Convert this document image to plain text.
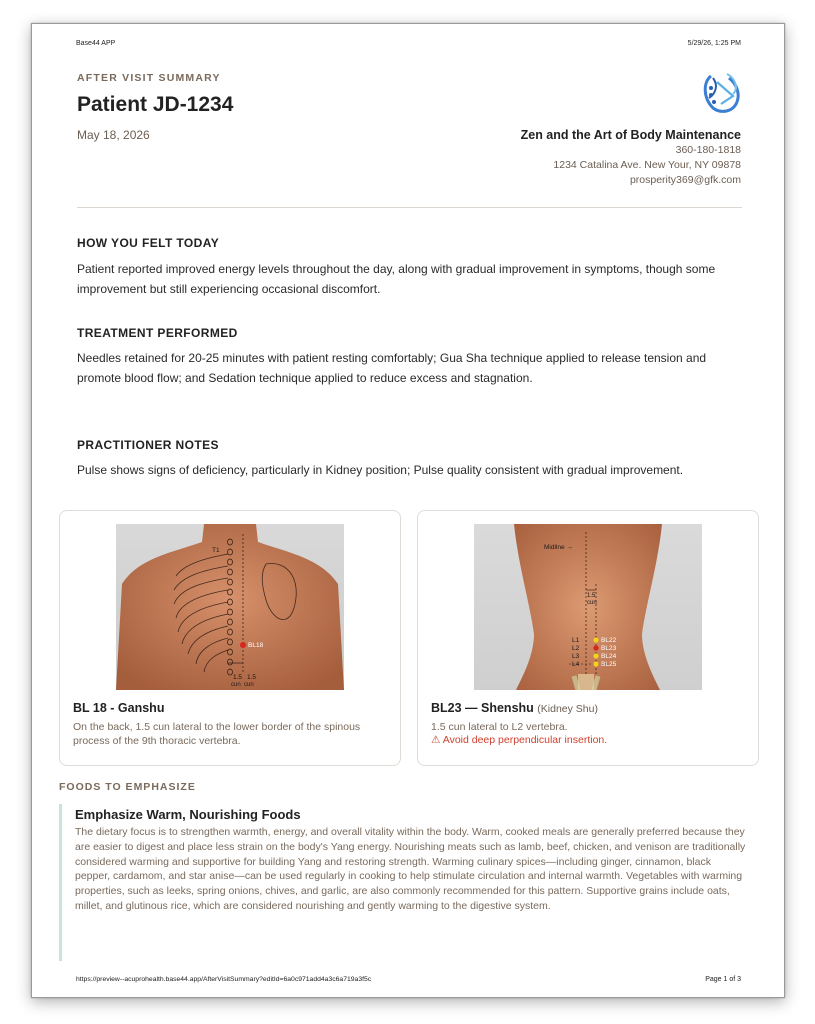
Base44 APP	5/29/26, 1:25 PM
AFTER VISIT SUMMARY
Patient JD-1234
May 18, 2026	Zen and the Art of Body Maintenance
360-180-1818
1234 Catalina Ave. New Your, NY 09878
prosperity369@gfk.com
HOW YOU FELT TODAY
Patient reported improved energy levels throughout the day, along with gradual improvement in symptoms, though some improvement but still experiencing occasional discomfort.
TREATMENT PERFORMED
Needles retained for 20-25 minutes with patient resting comfortably; Gua Sha technique applied to release tension and promote blood flow; and Sedation technique applied to reduce excess and stagnation.
PRACTITIONER NOTES
Pulse shows signs of deficiency, particularly in Kidney position; Pulse quality consistent with gradual improvement.
T1
BL18
1.5 1.5
cun cun
BL 18 - Ganshu
On the back, 1.5 cun lateral to the lower border of the spinous process of the 9th thoracic vertebra.
Midline →
1.5
cun
L1
L2
L3
L4
BL22
BL23
BL24
BL25
BL23 — Shenshu (Kidney Shu)
1.5 cun lateral to L2 vertebra.
⚠ Avoid deep perpendicular insertion.
FOODS TO EMPHASIZE
Emphasize Warm, Nourishing Foods
The dietary focus is to strengthen warmth, energy, and overall vitality within the body. Warm, cooked meals are generally preferred because they are easier to digest and place less strain on the body's Yang energy. Nourishing meats such as lamb, beef, chicken, and venison are traditionally considered warming and supportive for building Yang and restoring strength. Warming culinary spices—including ginger, cinnamon, black pepper, cardamom, and star anise—can be used regularly in cooking to help stimulate circulation and internal warmth. Vegetables with warming properties, such as leeks, spring onions, chives, and garlic, are also commonly recommended for this pattern. Supportive grains include oats, millet, and glutinous rice, which are considered nourishing and gently warming to the digestive system.
https://preview--acuprohealth.base44.app/AfterVisitSummary?editId=6a0c971add4a3c6a719a3f5c	Page 1 of 3
